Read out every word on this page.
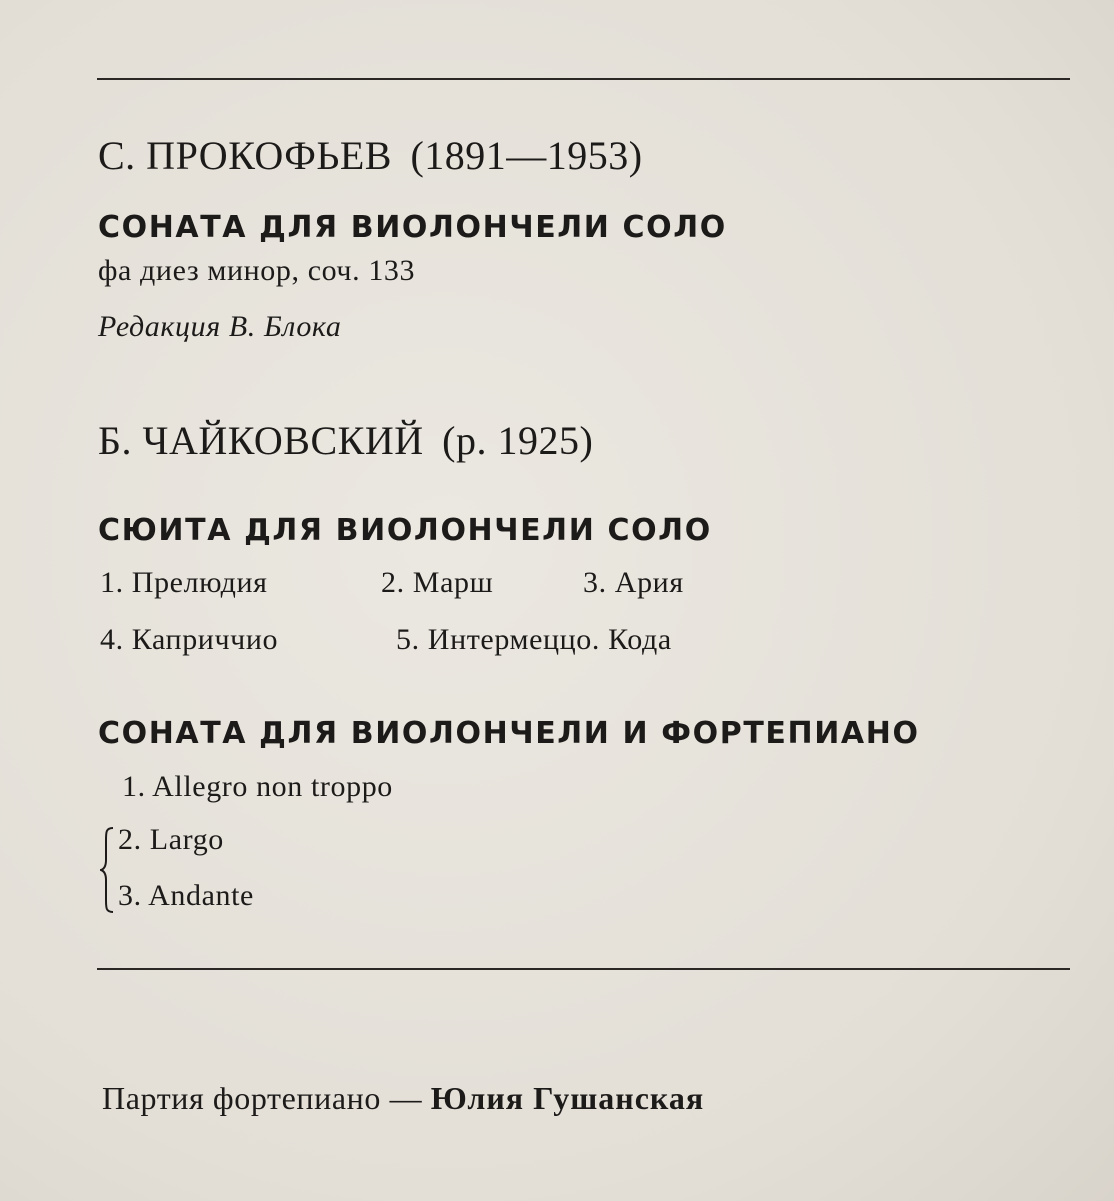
С. ПРОКОФЬЕВ (1891—1953)
СОНАТА ДЛЯ ВИОЛОНЧЕЛИ СОЛО
фа диез минор, соч. 133
Редакция В. Блока
Б. ЧАЙКОВСКИЙ (р. 1925)
СЮИТА ДЛЯ ВИОЛОНЧЕЛИ СОЛО
1. Прелюдия	2. Марш	3. Ария
4. Каприччио	5. Интермеццо. Кода
СОНАТА ДЛЯ ВИОЛОНЧЕЛИ И ФОРТЕПИАНО
1. Allegro non troppo
2. Largo
3. Andante
Партия фортепиано — Юлия Гушанская
